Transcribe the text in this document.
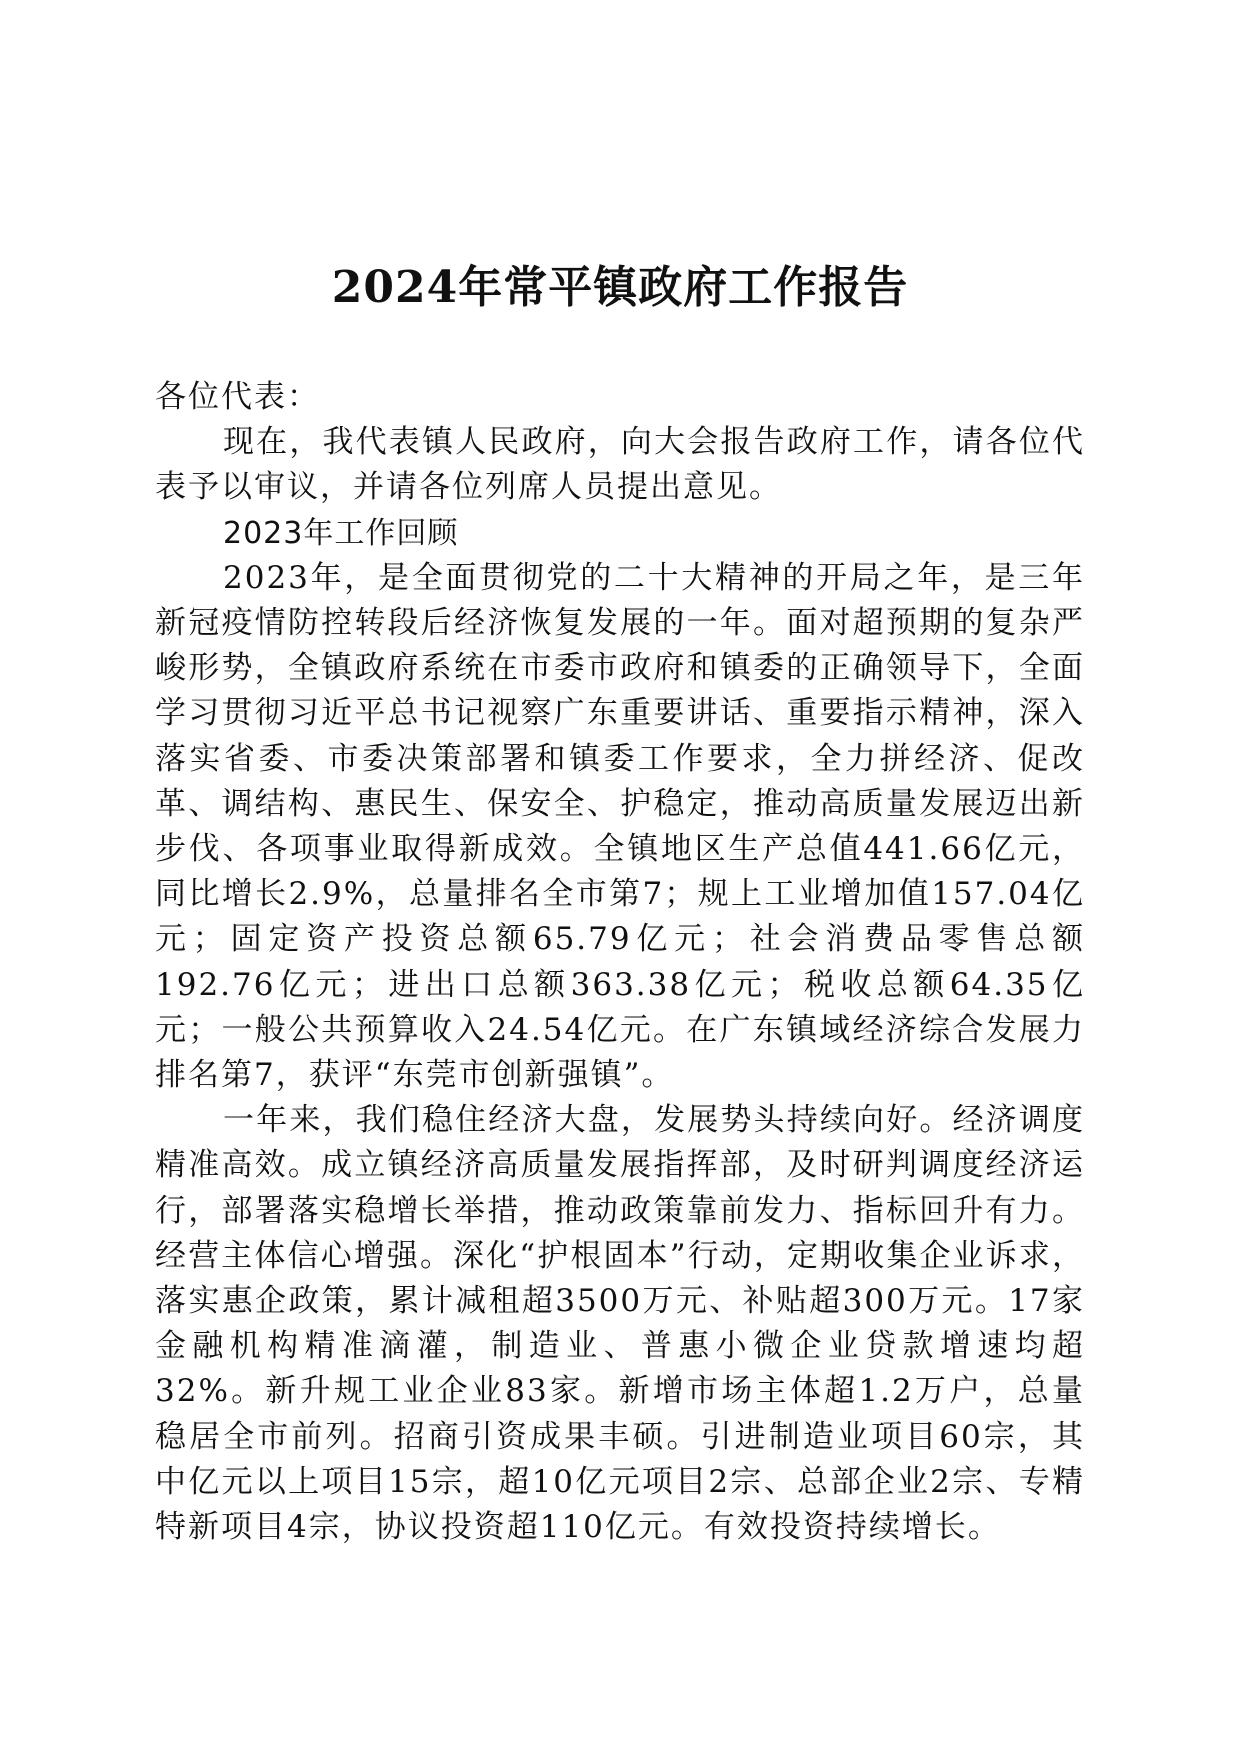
2024年常平镇政府工作报告

各位代表：

现在，我代表镇人民政府，向大会报告政府工作，请各位代表予以审议，并请各位列席人员提出意见。

2023年工作回顾

2023年，是全面贯彻党的二十大精神的开局之年，是三年新冠疫情防控转段后经济恢复发展的一年。面对超预期的复杂严峻形势，全镇政府系统在市委市政府和镇委的正确领导下，全面学习贯彻习近平总书记视察广东重要讲话、重要指示精神，深入落实省委、市委决策部署和镇委工作要求，全力拼经济、促改革、调结构、惠民生、保安全、护稳定，推动高质量发展迈出新步伐、各项事业取得新成效。全镇地区生产总值441.66亿元，同比增长2.9%，总量排名全市第7；规上工业增加值157.04亿元；固定资产投资总额65.79亿元；社会消费品零售总额192.76亿元；进出口总额363.38亿元；税收总额64.35亿元；一般公共预算收入24.54亿元。在广东镇域经济综合发展力排名第7，获评“东莞市创新强镇”。

一年来，我们稳住经济大盘，发展势头持续向好。经济调度精准高效。成立镇经济高质量发展指挥部，及时研判调度经济运行，部署落实稳增长举措，推动政策靠前发力、指标回升有力。经营主体信心增强。深化“护根固本”行动，定期收集企业诉求，落实惠企政策，累计减租超3500万元、补贴超300万元。17家金融机构精准滴灌，制造业、普惠小微企业贷款增速均超32%。新升规工业企业83家。新增市场主体超1.2万户，总量稳居全市前列。招商引资成果丰硕。引进制造业项目60宗，其中亿元以上项目15宗，超10亿元项目2宗、总部企业2宗、专精特新项目4宗，协议投资超110亿元。有效投资持续增长。
